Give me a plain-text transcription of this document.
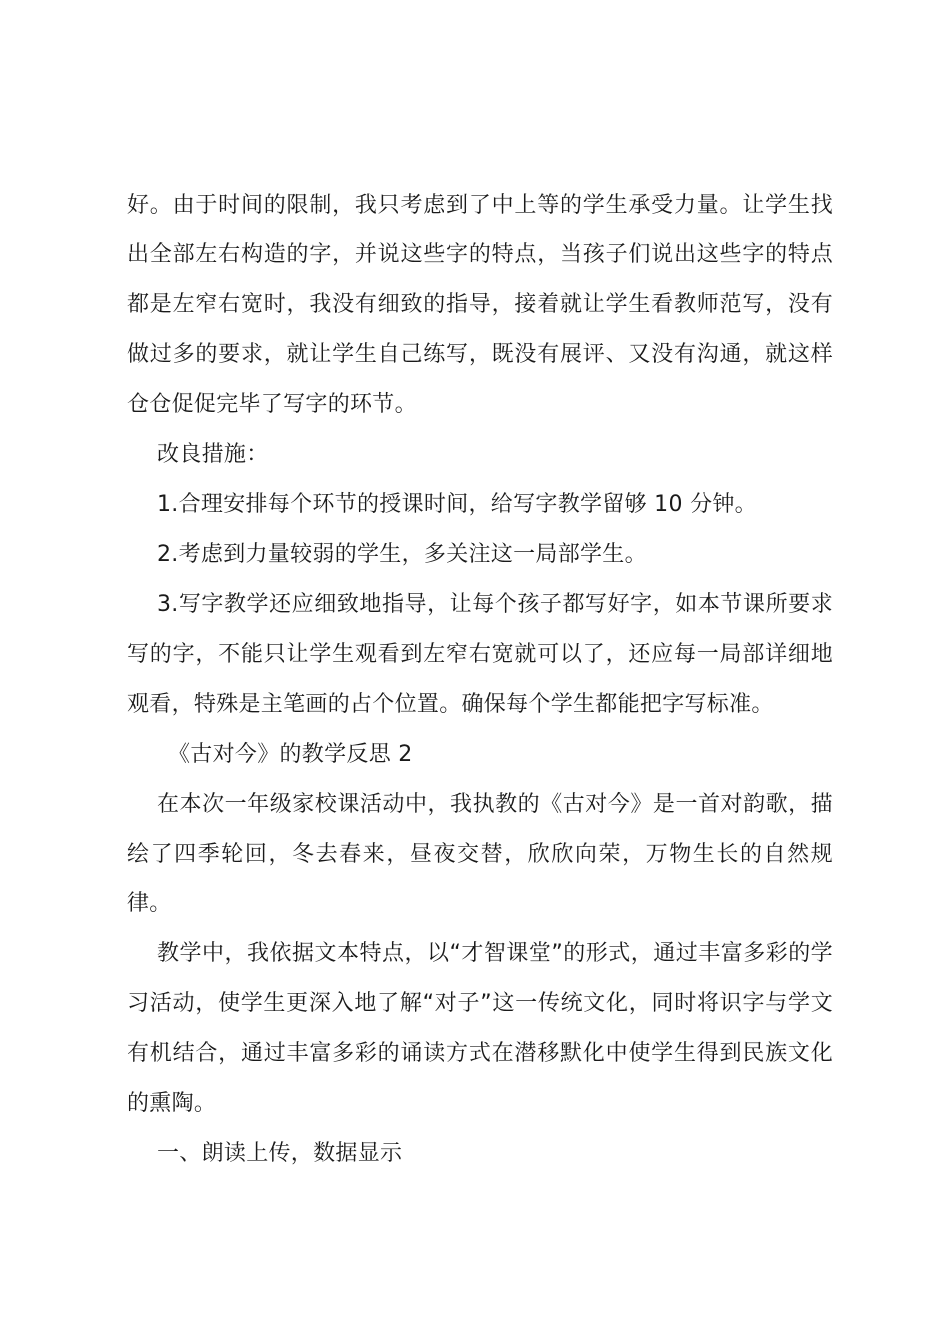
好。由于时间的限制，我只考虑到了中上等的学生承受力量。让学生找
出全部左右构造的字，并说这些字的特点，当孩子们说出这些字的特点
都是左窄右宽时，我没有细致的指导，接着就让学生看教师范写，没有
做过多的要求，就让学生自己练写，既没有展评、又没有沟通，就这样
仓仓促促完毕了写字的环节。
改良措施：
1.合理安排每个环节的授课时间，给写字教学留够 10 分钟。
2.考虑到力量较弱的学生，多关注这一局部学生。
3.写字教学还应细致地指导，让每个孩子都写好字，如本节课所要求
写的字，不能只让学生观看到左窄右宽就可以了，还应每一局部详细地
观看，特殊是主笔画的占个位置。确保每个学生都能把字写标准。
《古对今》的教学反思 2
在本次一年级家校课活动中，我执教的《古对今》是一首对韵歌，描
绘了四季轮回，冬去春来，昼夜交替，欣欣向荣，万物生长的自然规
律。
教学中，我依据文本特点，以“才智课堂”的形式，通过丰富多彩的学
习活动，使学生更深入地了解“对子”这一传统文化，同时将识字与学文
有机结合，通过丰富多彩的诵读方式在潜移默化中使学生得到民族文化
的熏陶。
一、朗读上传，数据显示
